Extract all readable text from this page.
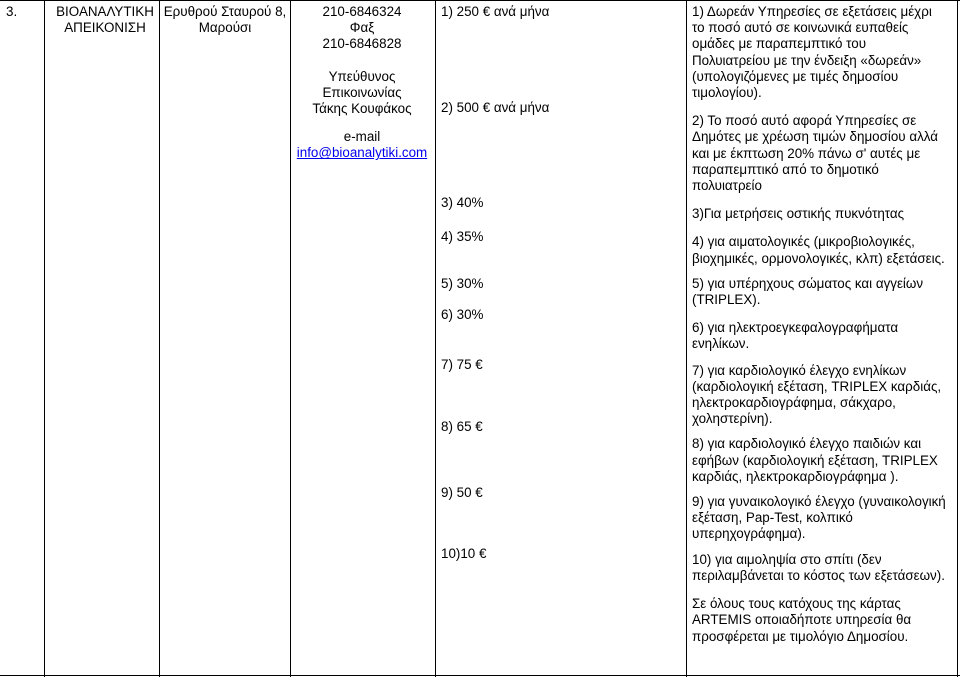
3.	ΒΙΟΑΝΑΛΥΤΙΚΗ ΑΠΕΙΚΟΝΙΣΗ
Ερυθρού Σταυρού 8, Μαρούσι
210-6846324
Φαξ
210-6846828
Υπεύθυνος Επικοινωνίας
Τάκης Κουφάκος
e-mail
info@bioanalytiki.com
1) 250 € ανά μήνα
2) 500 € ανά μήνα
3) 40%
4) 35%
5) 30%
6) 30%
7) 75 €
8) 65 €
9) 50 €
10)10 €

1) Δωρεάν Υπηρεσίες σε εξετάσεις μέχρι
το ποσό αυτό σε κοινωνικά ευπαθείς
ομάδες με παραπεμπτικό του
Πολυιατρείου με την ένδειξη «δωρεάν»
(υπολογιζόμενες με τιμές δημοσίου
τιμολογίου).

2) Το ποσό αυτό αφορά Υπηρεσίες σε
Δημότες με χρέωση τιμών δημοσίου αλλά
και με έκπτωση 20% πάνω σ' αυτές με
παραπεμπτικό από το δημοτικό
πολυιατρείο

3)Για μετρήσεις οστικής πυκνότητας

4) για αιματολογικές (μικροβιολογικές,
βιοχημικές, ορμονολογικές, κλπ) εξετάσεις.

5) για υπέρηχους σώματος και αγγείων
(TRIPLEX).

6) για ηλεκτροεγκεφαλογραφήματα ενηλίκων.

7) για καρδιολογικό έλεγχο ενηλίκων
(καρδιολογική εξέταση, TRIPLEX καρδιάς,
ηλεκτροκαρδιογράφημα, σάκχαρο,
χοληστερίνη).

8) για καρδιολογικό έλεγχο παιδιών και
εφήβων (καρδιολογική εξέταση, TRIPLEX
καρδιάς, ηλεκτροκαρδιογράφημα ).

9) για γυναικολογικό έλεγχο (γυναικολογική
εξέταση, Pap-Test, κολπικό
υπερηχογράφημα).

10) για αιμοληψία στο σπίτι (δεν
περιλαμβάνεται το κόστος των εξετάσεων).

Σε όλους τους κατόχους της κάρτας
ARTEMIS οποιαδήποτε υπηρεσία θα
προσφέρεται με τιμολόγιο Δημοσίου.
